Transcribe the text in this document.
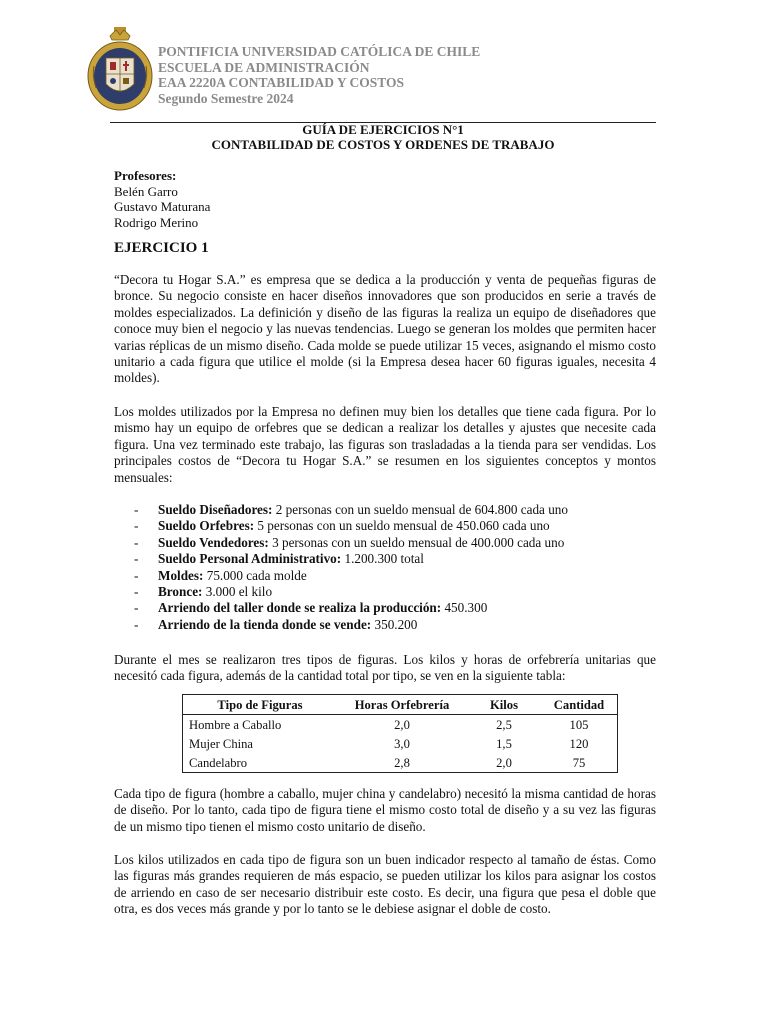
PONTIFICIA UNIVERSIDAD CATÓLICA DE CHILE
ESCUELA DE ADMINISTRACIÓN
EAA 2220A CONTABILIDAD Y COSTOS
Segundo Semestre 2024
GUÍA DE EJERCICIOS N°1
CONTABILIDAD DE COSTOS Y ORDENES DE TRABAJO
Profesores:
Belén Garro
Gustavo Maturana
Rodrigo Merino
EJERCICIO 1

“Decora tu Hogar S.A.” es empresa que se dedica a la producción y venta de pequeñas figuras de bronce. Su negocio consiste en hacer diseños innovadores que son producidos en serie a través de moldes especializados. La definición y diseño de las figuras la realiza un equipo de diseñadores que conoce muy bien el negocio y las nuevas tendencias. Luego se generan los moldes que permiten hacer varias réplicas de un mismo diseño. Cada molde se puede utilizar 15 veces, asignando el mismo costo unitario a cada figura que utilice el molde (si la Empresa desea hacer 60 figuras iguales, necesita 4 moldes).

Los moldes utilizados por la Empresa no definen muy bien los detalles que tiene cada figura. Por lo mismo hay un equipo de orfebres que se dedican a realizar los detalles y ajustes que necesite cada figura. Una vez terminado este trabajo, las figuras son trasladadas a la tienda para ser vendidas. Los principales costos de “Decora tu Hogar S.A.” se resumen en los siguientes conceptos y montos mensuales:

- Sueldo Diseñadores: 2 personas con un sueldo mensual de 604.800 cada uno
- Sueldo Orfebres: 5 personas con un sueldo mensual de 450.060 cada uno
- Sueldo Vendedores: 3 personas con un sueldo mensual de 400.000 cada uno
- Sueldo Personal Administrativo: 1.200.300 total
- Moldes: 75.000 cada molde
- Bronce: 3.000 el kilo
- Arriendo del taller donde se realiza la producción: 450.300
- Arriendo de la tienda donde se vende: 350.200

Durante el mes se realizaron tres tipos de figuras. Los kilos y horas de orfebrería unitarias que necesitó cada figura, además de la cantidad total por tipo, se ven en la siguiente tabla:

Tipo de Figuras	Horas Orfebrería	Kilos	Cantidad
Hombre a Caballo	2,0	2,5	105
Mujer China	3,0	1,5	120
Candelabro	2,8	2,0	75

Cada tipo de figura (hombre a caballo, mujer china y candelabro) necesitó la misma cantidad de horas de diseño. Por lo tanto, cada tipo de figura tiene el mismo costo total de diseño y a su vez las figuras de un mismo tipo tienen el mismo costo unitario de diseño.

Los kilos utilizados en cada tipo de figura son un buen indicador respecto al tamaño de éstas. Como las figuras más grandes requieren de más espacio, se pueden utilizar los kilos para asignar los costos de arriendo en caso de ser necesario distribuir este costo. Es decir, una figura que pesa el doble que otra, es dos veces más grande y por lo tanto se le debiese asignar el doble de costo.
